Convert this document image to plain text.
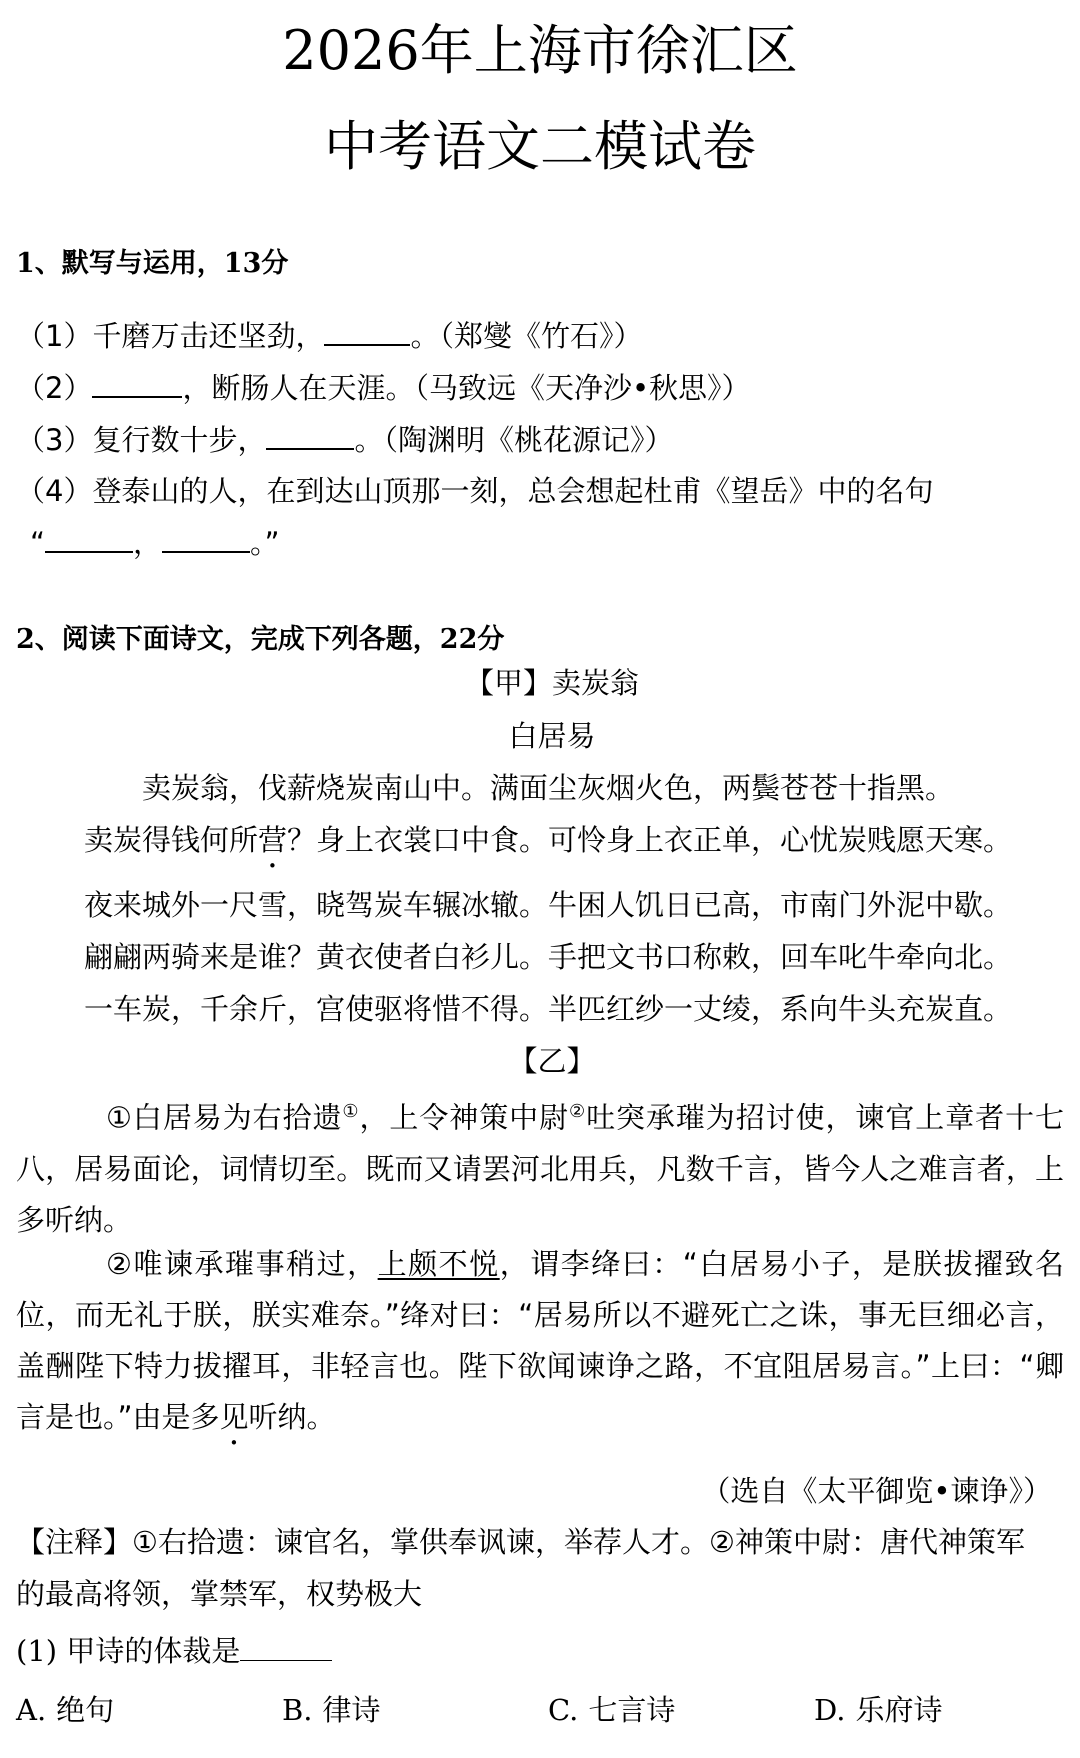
2026年上海市徐汇区
中考语文二模试卷
1、默写与运用，13分
（1）千磨万击还坚劲，	。（郑燮《竹石》）
（2）	，断肠人在天涯。（马致远《天净沙•秋思》）
（3）复行数十步，	。（陶渊明《桃花源记》）
（4）登泰山的人，在到达山顶那一刻，总会想起杜甫《望岳》中的名句
“	，	。”
2、阅读下面诗文，完成下列各题，22分
【甲】卖炭翁
白居易
卖炭翁，伐薪烧炭南山中。满面尘灰烟火色，两鬓苍苍十指黑。
卖炭得钱何所营？身上衣裳口中食。可怜身上衣正单，心忧炭贱愿天寒。
夜来城外一尺雪，晓驾炭车辗冰辙。牛困人饥日已高，市南门外泥中歇。
翩翩两骑来是谁？黄衣使者白衫儿。手把文书口称敕，回车叱牛牵向北。
一车炭，千余斤，宫使驱将惜不得。半匹红纱一丈绫，系向牛头充炭直。
【乙】
①白居易为右拾遗①，上令神策中尉②吐突承璀为招讨使，谏官上章者十七八，居易面论，词情切至。既而又请罢河北用兵，凡数千言，皆今人之难言者，上多听纳。
②唯谏承璀事稍过，上颇不悦，谓李绛曰：“白居易小子，是朕拔擢致名位，而无礼于朕，朕实难奈。”绛对曰：“居易所以不避死亡之诛，事无巨细必言，盖酬陛下特力拔擢耳，非轻言也。陛下欲闻谏诤之路，不宜阻居易言。”上曰：“卿言是也。”由是多见听纳。
（选自《太平御览•谏诤》）
【注释】①右拾遗：谏官名，掌供奉讽谏，举荐人才。②神策中尉：唐代神策军
的最高将领，掌禁军，权势极大
(1) 甲诗的体裁是
A. 绝句	B. 律诗	C. 七言诗	D. 乐府诗
